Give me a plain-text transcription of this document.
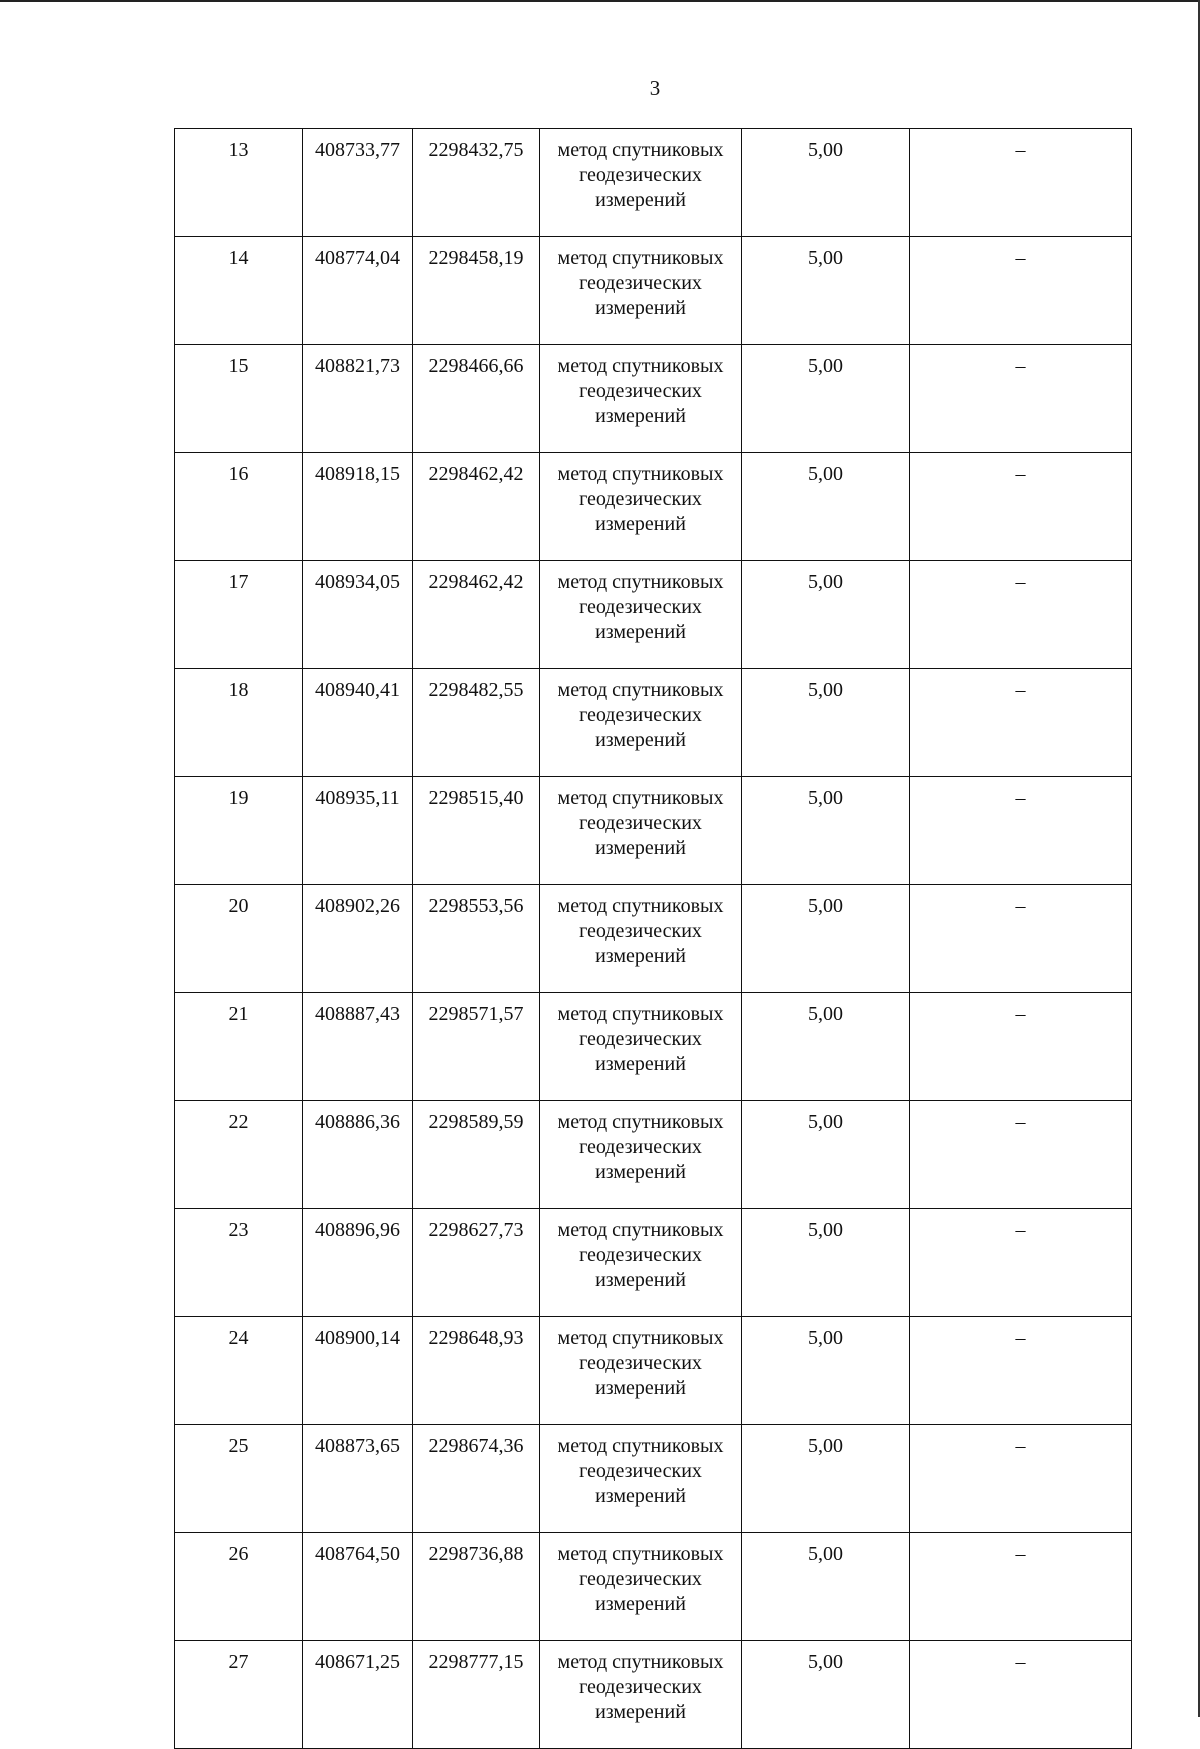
3
13	408733,77	2298432,75	метод спутниковых
геодезических
измерений	5,00	–
14	408774,04	2298458,19	метод спутниковых
геодезических
измерений	5,00	–
15	408821,73	2298466,66	метод спутниковых
геодезических
измерений	5,00	–
16	408918,15	2298462,42	метод спутниковых
геодезических
измерений	5,00	–
17	408934,05	2298462,42	метод спутниковых
геодезических
измерений	5,00	–
18	408940,41	2298482,55	метод спутниковых
геодезических
измерений	5,00	–
19	408935,11	2298515,40	метод спутниковых
геодезических
измерений	5,00	–
20	408902,26	2298553,56	метод спутниковых
геодезических
измерений	5,00	–
21	408887,43	2298571,57	метод спутниковых
геодезических
измерений	5,00	–
22	408886,36	2298589,59	метод спутниковых
геодезических
измерений	5,00	–
23	408896,96	2298627,73	метод спутниковых
геодезических
измерений	5,00	–
24	408900,14	2298648,93	метод спутниковых
геодезических
измерений	5,00	–
25	408873,65	2298674,36	метод спутниковых
геодезических
измерений	5,00	–
26	408764,50	2298736,88	метод спутниковых
геодезических
измерений	5,00	–
27	408671,25	2298777,15	метод спутниковых
геодезических
измерений	5,00	–
